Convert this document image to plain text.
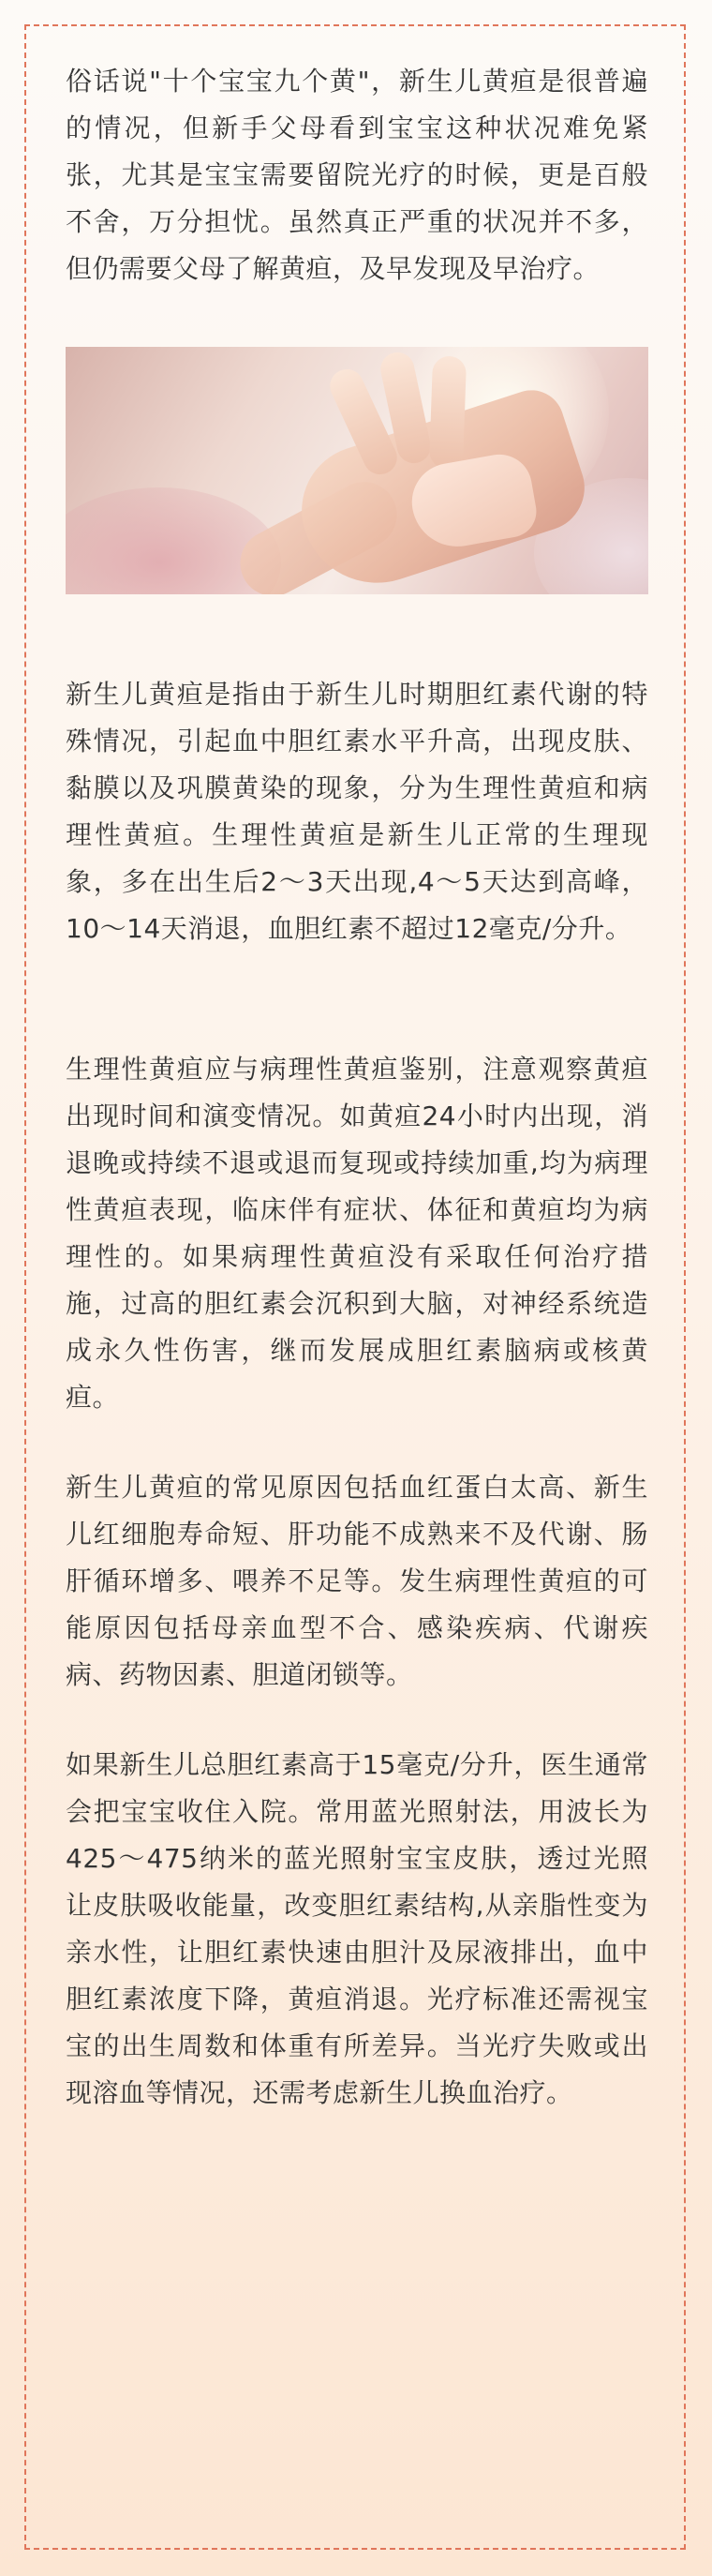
俗话说"十个宝宝九个黄"，新生儿黄疸是很普遍的情况，但新手父母看到宝宝这种状况难免紧张，尤其是宝宝需要留院光疗的时候，更是百般不舍，万分担忧。虽然真正严重的状况并不多，但仍需要父母了解黄疸，及早发现及早治疗。

新生儿黄疸是指由于新生儿时期胆红素代谢的特殊情况，引起血中胆红素水平升高，出现皮肤、黏膜以及巩膜黄染的现象，分为生理性黄疸和病理性黄疸。生理性黄疸是新生儿正常的生理现象，多在出生后2～3天出现,4～5天达到高峰，10～14天消退，血胆红素不超过12毫克/分升。

生理性黄疸应与病理性黄疸鉴别，注意观察黄疸出现时间和演变情况。如黄疸24小时内出现，消退晚或持续不退或退而复现或持续加重,均为病理性黄疸表现，临床伴有症状、体征和黄疸均为病理性的。如果病理性黄疸没有采取任何治疗措施，过高的胆红素会沉积到大脑，对神经系统造成永久性伤害，继而发展成胆红素脑病或核黄疸。

新生儿黄疸的常见原因包括血红蛋白太高、新生儿红细胞寿命短、肝功能不成熟来不及代谢、肠肝循环增多、喂养不足等。发生病理性黄疸的可能原因包括母亲血型不合、感染疾病、代谢疾病、药物因素、胆道闭锁等。

如果新生儿总胆红素高于15毫克/分升，医生通常会把宝宝收住入院。常用蓝光照射法，用波长为425～475纳米的蓝光照射宝宝皮肤，透过光照让皮肤吸收能量，改变胆红素结构,从亲脂性变为亲水性，让胆红素快速由胆汁及尿液排出，血中胆红素浓度下降，黄疸消退。光疗标准还需视宝宝的出生周数和体重有所差异。当光疗失败或出现溶血等情况，还需考虑新生儿换血治疗。
